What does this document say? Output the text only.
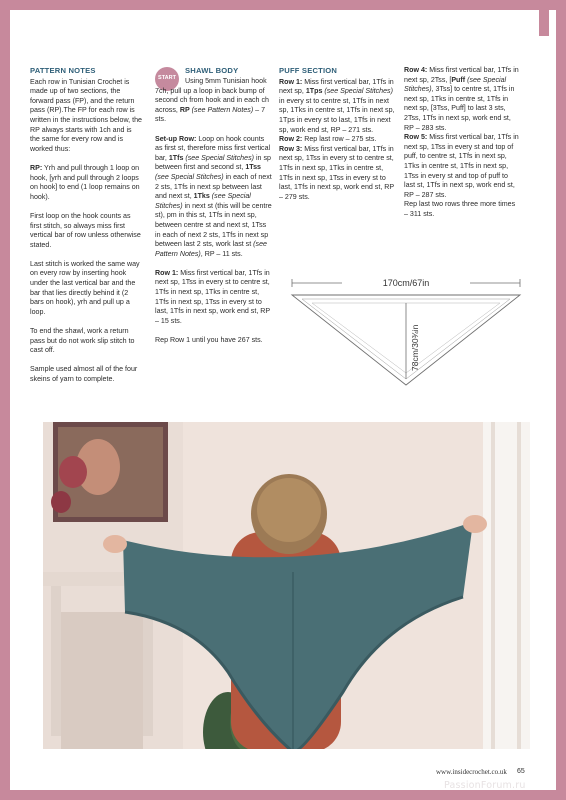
PATTERN NOTES

Each row in Tunisian Crochet is made up of two sections, the forward pass (FP), and the return pass (RP).The FP for each row is written in the instructions below, the RP always starts with 1ch and is the same for every row and is worked thus:

RP: Yrh and pull through 1 loop on hook, [yrh and pull through 2 loops on hook] to end (1 loop remains on hook).

First loop on the hook counts as first stitch, so always miss first vertical bar of row unless otherwise stated.

Last stitch is worked the same way on every row by inserting hook under the last vertical bar and the bar that lies directly behind it (2 bars on hook), yrh and pull up a loop.

To end the shawl, work a return pass but do not work slip stitch to cast off.

Sample used almost all of the four skeins of yarn to complete.

START
SHAWL BODY

Using 5mm Tunisian hook 7ch, pull up a loop in back bump of second ch from hook and in each ch across, RP (see Pattern Notes) – 7 sts.

Set-up Row: Loop on hook counts as first st, therefore miss first vertical bar, 1Tfs (see Special Stitches) in sp between first and second st, 1Tss (see Special Stitches) in each of next 2 sts, 1Tfs in next sp between last and next st, 1Tks (see Special Stitches) in next st (this will be centre st), pm in this st, 1Tfs in next sp, between centre st and next st, 1Tss in each of next 2 sts, 1Tfs in next sp between last 2 sts, work last st (see Pattern Notes), RP – 11 sts.

Row 1: Miss first vertical bar, 1Tfs in next sp, 1Tss in every st to centre st, 1Tfs in next sp, 1Tks in centre st, 1Tfs in next sp, 1Tss in every st to last, 1Tfs in next sp, work end st, RP – 15 sts.

Rep Row 1 until you have 267 sts.

PUFF SECTION
Row 1: Miss first vertical bar, 1Tfs in next sp, 1Tps (see Special Stitches) in every st to centre st, 1Tfs in next sp, 1Tks in centre st, 1Tfs in next sp, 1Tps in every st to last, 1Tfs in next sp, work end st, RP – 271 sts.
Row 2: Rep last row – 275 sts.
Row 3: Miss first vertical bar, 1Tfs in next sp, 1Tss in every st to centre st, 1Tfs in next sp, 1Tks in centre st, 1Tfs in next sp, 1Tss in every st to last, 1Tfs in next sp, work end st, RP – 279 sts.
Row 4: Miss first vertical bar, 1Tfs in next sp, 2Tss, [Puff (see Special Stitches), 3Tss] to centre st, 1Tfs in next sp, 1Tks in centre st, 1Tfs in next sp, [3Tss, Puff] to last 3 sts, 2Tss, 1Tfs in next sp, work end st, RP – 283 sts.
Row 5: Miss first vertical bar, 1Tfs in next sp, 1Tss in every st and top of puff, to centre st, 1Tfs in next sp, 1Tks in centre st, 1Tfs in next sp, 1Tss in every st and top of puff to last st, 1Tfs in next sp, work end st, RP – 287 sts.
Rep last two rows three more times – 311 sts.
170cm/67in
78cm/30¾in
www.insidecrochet.co.uk 65
PassionForum.ru
